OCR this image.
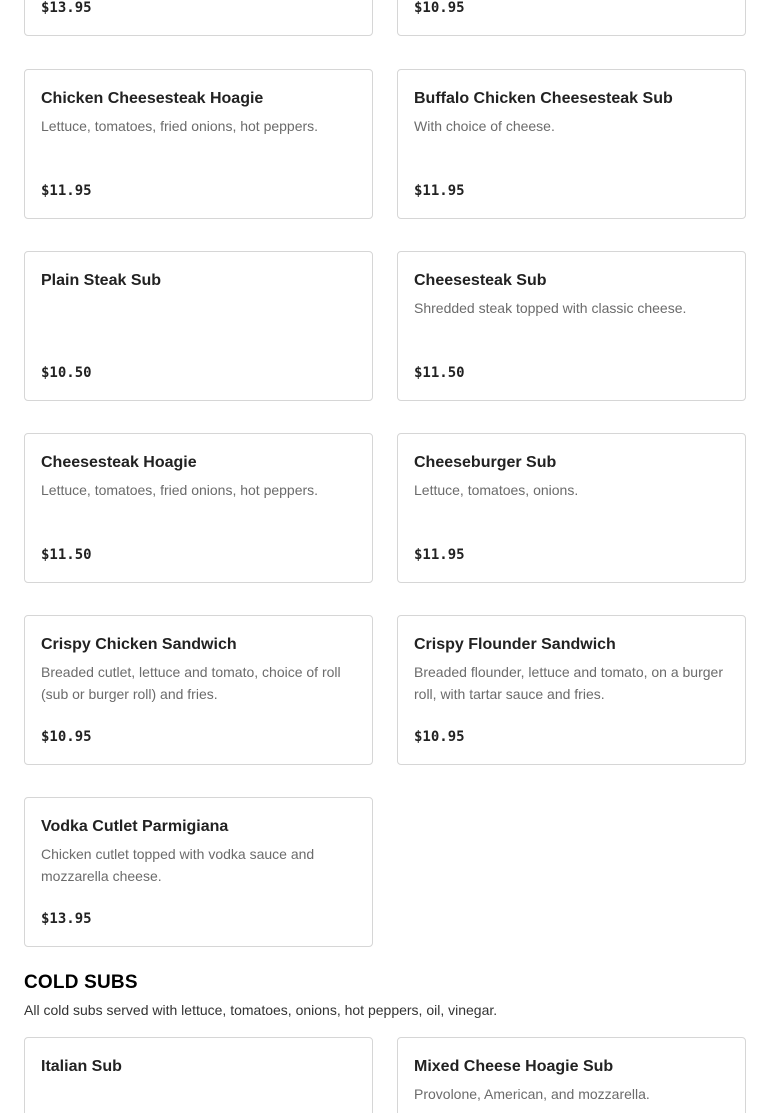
$13.95	$10.95
Chicken Cheesesteak Hoagie
Lettuce, tomatoes, fried onions, hot peppers.
$11.95
Buffalo Chicken Cheesesteak Sub
With choice of cheese.
$11.95
Plain Steak Sub
$10.50
Cheesesteak Sub
Shredded steak topped with classic cheese.
$11.50
Cheesesteak Hoagie
Lettuce, tomatoes, fried onions, hot peppers.
$11.50
Cheeseburger Sub
Lettuce, tomatoes, onions.
$11.95
Crispy Chicken Sandwich
Breaded cutlet, lettuce and tomato, choice of roll (sub or burger roll) and fries.
$10.95
Crispy Flounder Sandwich
Breaded flounder, lettuce and tomato, on a burger roll, with tartar sauce and fries.
$10.95
Vodka Cutlet Parmigiana
Chicken cutlet topped with vodka sauce and mozzarella cheese.
$13.95
COLD SUBS
All cold subs served with lettuce, tomatoes, onions, hot peppers, oil, vinegar.
Italian Sub	Mixed Cheese Hoagie Sub
Provolone, American, and mozzarella.
